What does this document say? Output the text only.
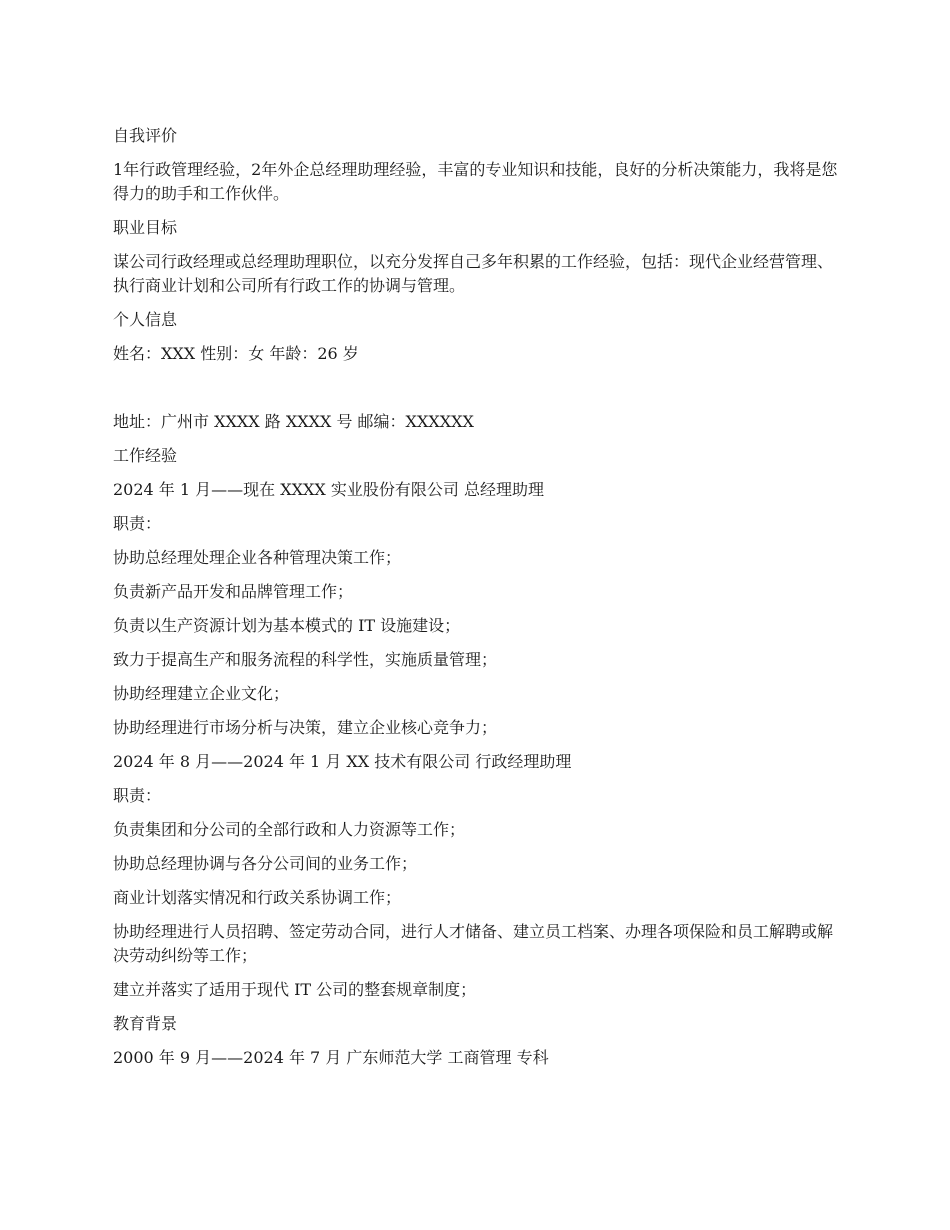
自我评价
1年行政管理经验，2年外企总经理助理经验，丰富的专业知识和技能，良好的分析决策能力，我将是您得力的助手和工作伙伴。
职业目标
谋公司行政经理或总经理助理职位，以充分发挥自己多年积累的工作经验，包括：现代企业经营管理、执行商业计划和公司所有行政工作的协调与管理。
个人信息
姓名：XXX 性别：女 年龄：26 岁
地址：广州市 XXXX 路 XXXX 号 邮编：XXXXXX
工作经验
2024 年 1 月——现在 XXXX 实业股份有限公司 总经理助理
职责：
协助总经理处理企业各种管理决策工作；
负责新产品开发和品牌管理工作；
负责以生产资源计划为基本模式的 IT 设施建设；
致力于提高生产和服务流程的科学性，实施质量管理；
协助经理建立企业文化；
协助经理进行市场分析与决策，建立企业核心竞争力；
2024 年 8 月——2024 年 1 月 XX 技术有限公司 行政经理助理
职责：
负责集团和分公司的全部行政和人力资源等工作；
协助总经理协调与各分公司间的业务工作；
商业计划落实情况和行政关系协调工作；
协助经理进行人员招聘、签定劳动合同，进行人才储备、建立员工档案、办理各项保险和员工解聘或解决劳动纠纷等工作；
建立并落实了适用于现代 IT 公司的整套规章制度；
教育背景
2000 年 9 月——2024 年 7 月 广东师范大学 工商管理 专科
